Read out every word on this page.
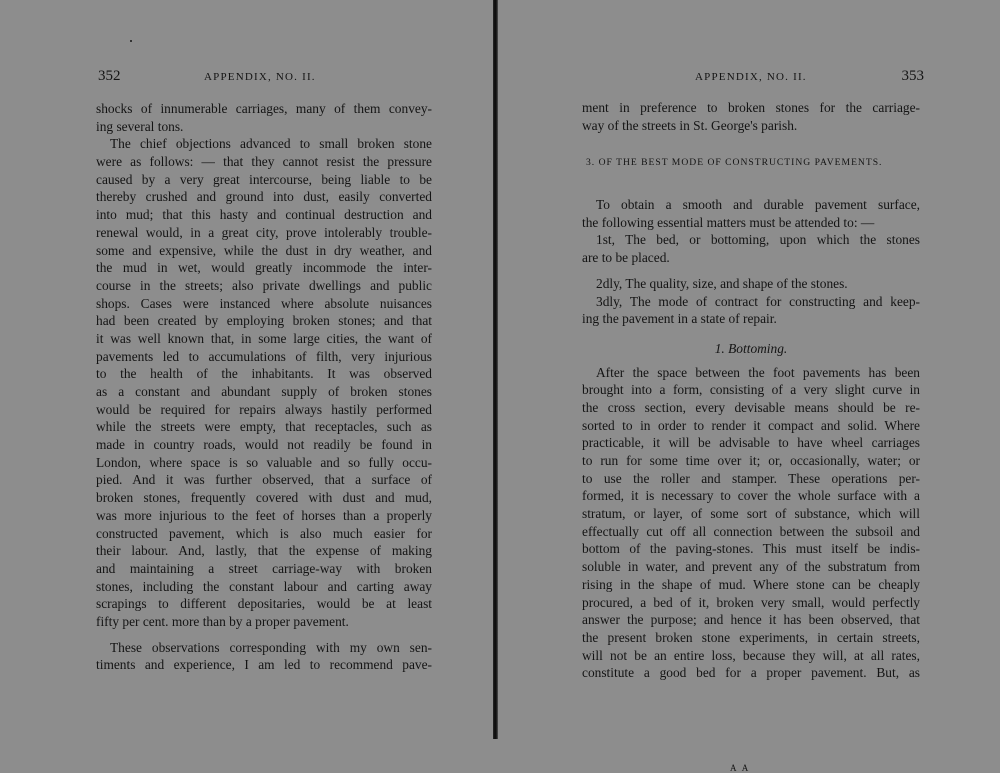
352	APPENDIX, NO. II.
shocks of innumerable carriages, many of them convey-
ing several tons.
The chief objections advanced to small broken stone
were as follows: — that they cannot resist the pressure
caused by a very great intercourse, being liable to be
thereby crushed and ground into dust, easily converted
into mud; that this hasty and continual destruction and
renewal would, in a great city, prove intolerably trouble-
some and expensive, while the dust in dry weather, and
the mud in wet, would greatly incommode the inter-
course in the streets; also private dwellings and public
shops. Cases were instanced where absolute nuisances
had been created by employing broken stones; and that
it was well known that, in some large cities, the want of
pavements led to accumulations of filth, very injurious
to the health of the inhabitants. It was observed
as a constant and abundant supply of broken stones
would be required for repairs always hastily performed
while the streets were empty, that receptacles, such as
made in country roads, would not readily be found in
London, where space is so valuable and so fully occu-
pied. And it was further observed, that a surface of
broken stones, frequently covered with dust and mud,
was more injurious to the feet of horses than a properly
constructed pavement, which is also much easier for
their labour. And, lastly, that the expense of making
and maintaining a street carriage-way with broken
stones, including the constant labour and carting away
scrapings to different depositaries, would be at least
fifty per cent. more than by a proper pavement.
These observations corresponding with my own sen-
timents and experience, I am led to recommend pave-
APPENDIX, NO. II.	353
ment in preference to broken stones for the carriage-
way of the streets in St. George's parish.
3. OF THE BEST MODE OF CONSTRUCTING PAVEMENTS.
To obtain a smooth and durable pavement surface,
the following essential matters must be attended to: —
1st, The bed, or bottoming, upon which the stones
are to be placed.
2dly, The quality, size, and shape of the stones.
3dly, The mode of contract for constructing and keep-
ing the pavement in a state of repair.
1. Bottoming.
After the space between the foot pavements has been
brought into a form, consisting of a very slight curve in
the cross section, every devisable means should be re-
sorted to in order to render it compact and solid. Where
practicable, it will be advisable to have wheel carriages
to run for some time over it; or, occasionally, water; or
to use the roller and stamper. These operations per-
formed, it is necessary to cover the whole surface with a
stratum, or layer, of some sort of substance, which will
effectually cut off all connection between the subsoil and
bottom of the paving-stones. This must itself be indis-
soluble in water, and prevent any of the substratum from
rising in the shape of mud. Where stone can be cheaply
procured, a bed of it, broken very small, would perfectly
answer the purpose; and hence it has been observed, that
the present broken stone experiments, in certain streets,
will not be an entire loss, because they will, at all rates,
constitute a good bed for a proper pavement. But, as
A A
